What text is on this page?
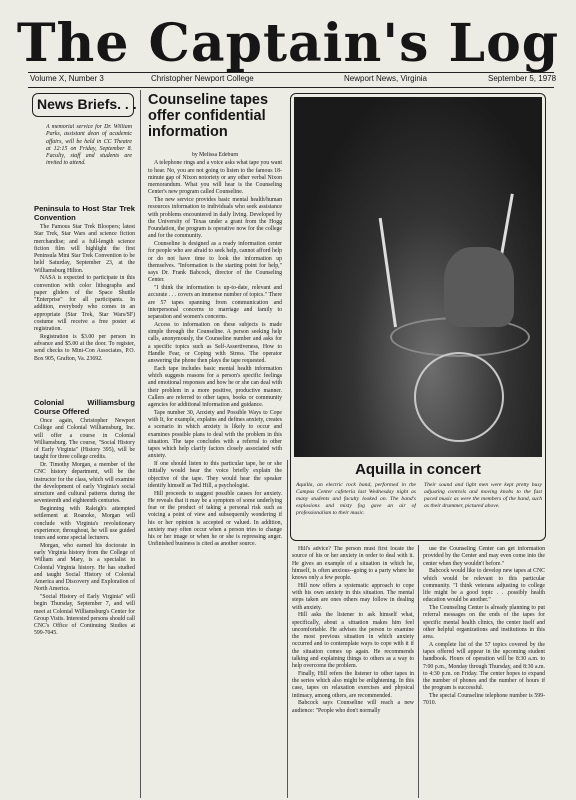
The Captain's Log
Volume X, Number 3	Christopher Newport College	Newport News, Virginia	September 5, 1978
News Briefs. . .
A memorial service for Dr. William Parks, assistant dean of academic affairs, will be held in CC Theatre at 12:15 on Friday, September 8. Faculty, staff and students are invited to attend.
Peninsula to Host Star Trek Convention

The Famous Star Trek Bloopers; latest Star Trek, Star Wars and science fiction merchandise; and a full-length science fiction film will highlight the first Peninsula Mini Star Trek Convention to be held Saturday, September 23, at the Williamsburg Hilton.

NASA is expected to participate in this convention with color lithographs and paper gliders of the Space Shuttle "Enterprise" for all participants. In addition, everybody who comes in an appropriate (Star Trek, Star Wars/SF) costume will receive a free poster at registration.

Registration is $3.00 per person in advance and $5.00 at the door. To register, send checks to Mini-Con Associates, P.O. Box 905, Grafton, Va. 23692.

Colonial Williamsburg Course Offered

Once again, Christopher Newport College and Colonial Williamsburg, Inc. will offer a course in Colonial Williamsburg. The course, "Social History of Early Virginia" (History 395), will be taught for three college credits.

Dr. Timothy Morgan, a member of the CNC history department, will be the instructor for the class, which will examine the development of early Virginia's social structure and cultural patterns during the seventeenth and eighteenth centuries.

Beginning with Raleigh's attempted settlement at Roanoke, Morgan will conclude with Virginia's revolutionary experience; throughout, he will use guided tours and some special lecturers.

Morgan, who earned his doctorate in early Virginia history from the College of William and Mary, is a specialist in Colonial Virginia history. He has studied and taught Social History of Colonial America and Discovery and Exploration of North America.

"Social History of Early Virginia" will begin Thursday, September 7, and will meet at Colonial Williamsburg's Center for Group Visits. Interested persons should call CNC's Office of Continuing Studies at 599-7045.

Counseline tapes offer confidential information
by Melissa Edeburn

A telephone rings and a voice asks what tape you want to hear. No, you are not going to listen to the famous 18-minute gap of Nixon notoriety or any other verbal Nixon memorandum. What you will hear is the Counseling Center's new program called Counseline.

The new service provides basic mental health/human resources information to individuals who seek assistance with problems encountered in daily living. Developed by the University of Texas under a grant from the Hogg Foundation, the program is operative now for the college and for the community.

Counseline is designed as a ready information center for people who are afraid to seek help, cannot afford help or do not have time to look the information up themselves. "Information is the starting point for help," says Dr. Frank Babcock, director of the Counseling Center.

"I think the information is up-to-date, relevant and accurate . . . covers an immense number of topics." There are 57 tapes spanning from communication and interpersonal concerns to marriage and family to separation and women's concerns.

Access to information on these subjects is made simple through the Counseline. A person seeking help calls, anonymously, the Counseline number and asks for a specific topics such as Self-Assertiveness, How to Handle Fear, or Coping with Stress. The operator answering the phone then plays the tape requested.

Each tape includes basic mental health information which suggests reasons for a person's specific feelings and emotional responses and how he or she can deal with their problem in a more positive, productive manner. Callers are referred to other tapes, books or community agencies for additional information and guidance.

Tape number 30, Anxiety and Possible Ways to Cope with It, for example, explains and defines anxiety, creates a scenario in which anxiety is likely to occur and examines possible plans to deal with the problem in this situation. The tape concludes with a referral to other tapes which help clarify factors closely associated with anxiety.

If one should listen to this particular tape, he or she initially would hear the voice briefly explain the objective of the tape. They would hear the speaker identify himself as Ted Hill, a psychologist.

Hill proceeds to suggest possible causes for anxiety. He reveals that it may be a symptom of some underlying fear or the product of taking a personal risk such as voicing a point of view and subsequently wondering if his or her opinion is accepted or valued. In addition, anxiety may often occur when a person tries to change his or her image or when he or she is repressing anger. Unfinished business is cited as another source.

Aquilla in concert
Aquilla, an electric rock band, performed in the Campus Center cafeteria last Wednesday night as many students and faculty looked on. The band's explosions and misty fog gave an air of professionalism to their music.
Their sound and light men were kept pretty busy adjusting controls and moving knobs to the fast paced music as were the members of the band, such as their drummer, pictured above.

Hill's advice? The person must first locate the source of his or her anxiety in order to deal with it. He gives an example of a situation in which he, himself, is often anxious--going to a party where he knows only a few people.

Hill now offers a systematic approach to cope with his own anxiety in this situation. The mental steps taken are ones others may follow in dealing with anxiety.

Hill asks the listener to ask himself what, specifically, about a situation makes him feel uncomfortable. He advises the person to examine the most previous situation in which anxiety occurred and to contemplate ways to cope with it if the situation comes up again. He recommends talking and explaining things to others as a way to help overcome the problem.

Finally, Hill refers the listener to other tapes in the series which also might be enlightening. In this case, tapes on relaxation exercises and physical intimacy, among others, are recommended.

Babcock says Counseline will reach a new audience: "People who don't normally

use the Counseling Center can get information provided by the Center and may even come into the center when they wouldn't before."

Babcock would like to develop new tapes at CNC which would be relevant to this particular community. "I think veterans adjusting to college life might be a good topic . . .possibly health education would be another."

The Counseling Center is already planning to put referral messages on the ends of the tapes for specific mental health clinics, the center itself and other helpful organizations and institutions in this area.

A complete list of the 57 topics covered by the tapes offered will appear in the upcoming student handbook. Hours of operation will be 8:30 a.m. to 7:00 p.m., Monday through Thursday, and 8:30 a.m. to 4:30 p.m. on Friday. The center hopes to expand the number of phones and the number of hours if the program is successful.

The special Counseline telephone number is 599-7010.
